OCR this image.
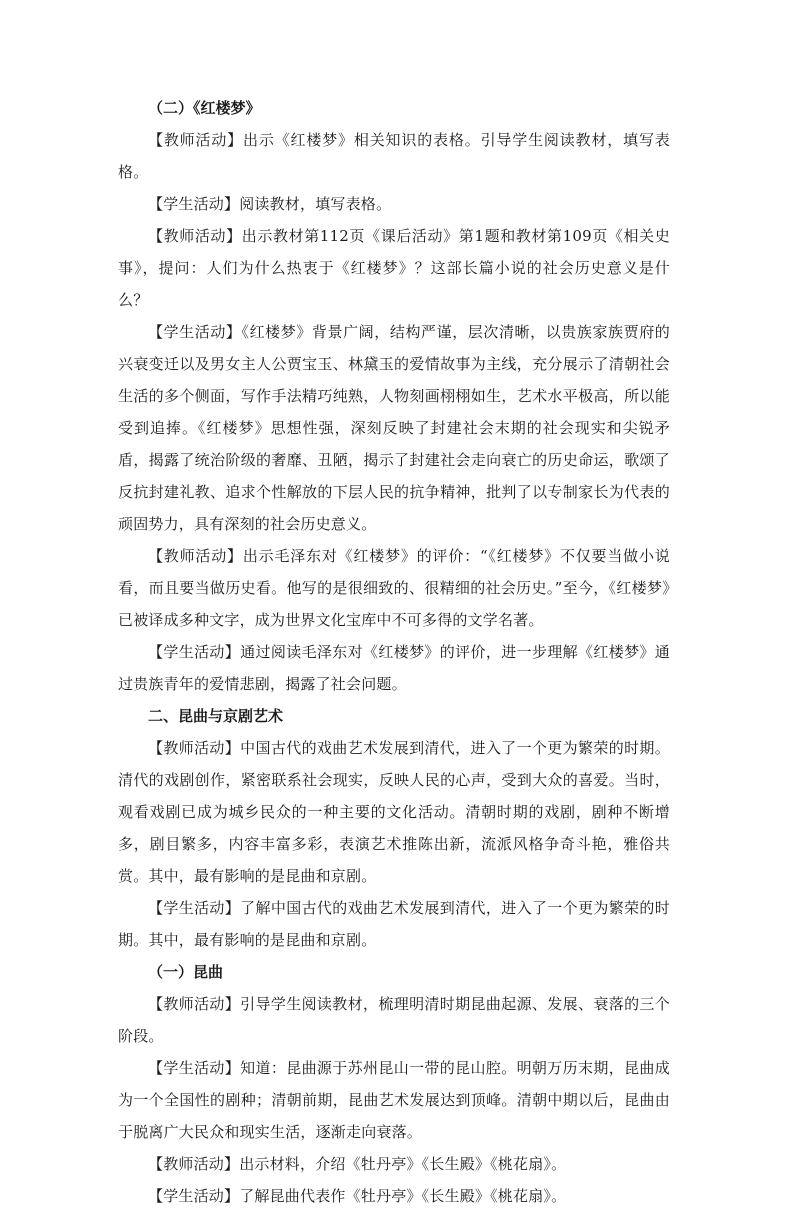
（二）《红楼梦》

【教师活动】出示《红楼梦》相关知识的表格。引导学生阅读教材，填写表格。

【学生活动】阅读教材，填写表格。

【教师活动】出示教材第112页《课后活动》第1题和教材第109页《相关史事》，提问：人们为什么热衷于《红楼梦》？这部长篇小说的社会历史意义是什么？

【学生活动】《红楼梦》背景广阔，结构严谨，层次清晰，以贵族家族贾府的兴衰变迁以及男女主人公贾宝玉、林黛玉的爱情故事为主线，充分展示了清朝社会生活的多个侧面，写作手法精巧纯熟，人物刻画栩栩如生，艺术水平极高，所以能受到追捧。《红楼梦》思想性强，深刻反映了封建社会末期的社会现实和尖锐矛盾，揭露了统治阶级的奢靡、丑陋，揭示了封建社会走向衰亡的历史命运，歌颂了反抗封建礼教、追求个性解放的下层人民的抗争精神，批判了以专制家长为代表的顽固势力，具有深刻的社会历史意义。

【教师活动】出示毛泽东对《红楼梦》的评价：“《红楼梦》不仅要当做小说看，而且要当做历史看。他写的是很细致的、很精细的社会历史。”至今，《红楼梦》已被译成多种文字，成为世界文化宝库中不可多得的文学名著。

【学生活动】通过阅读毛泽东对《红楼梦》的评价，进一步理解《红楼梦》通过贵族青年的爱情悲剧，揭露了社会问题。

二、昆曲与京剧艺术

【教师活动】中国古代的戏曲艺术发展到清代，进入了一个更为繁荣的时期。清代的戏剧创作，紧密联系社会现实，反映人民的心声，受到大众的喜爱。当时，观看戏剧已成为城乡民众的一种主要的文化活动。清朝时期的戏剧，剧种不断增多，剧目繁多，内容丰富多彩，表演艺术推陈出新，流派风格争奇斗艳，雅俗共赏。其中，最有影响的是昆曲和京剧。

【学生活动】了解中国古代的戏曲艺术发展到清代，进入了一个更为繁荣的时期。其中，最有影响的是昆曲和京剧。

（一）昆曲

【教师活动】引导学生阅读教材，梳理明清时期昆曲起源、发展、衰落的三个阶段。

【学生活动】知道：昆曲源于苏州昆山一带的昆山腔。明朝万历末期，昆曲成为一个全国性的剧种；清朝前期，昆曲艺术发展达到顶峰。清朝中期以后，昆曲由于脱离广大民众和现实生活，逐渐走向衰落。

【教师活动】出示材料，介绍《牡丹亭》《长生殿》《桃花扇》。

【学生活动】了解昆曲代表作《牡丹亭》《长生殿》《桃花扇》。
